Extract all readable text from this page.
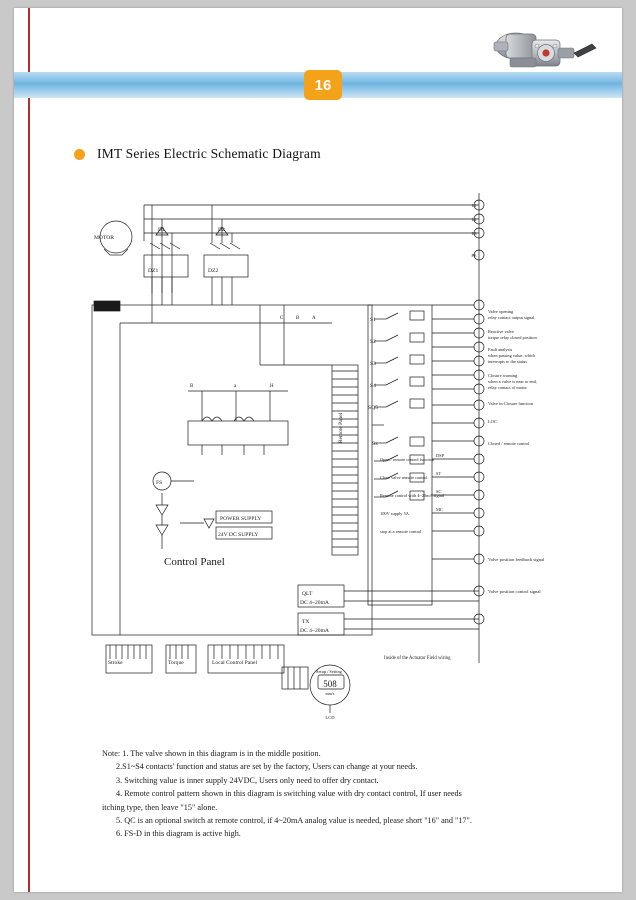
16
IMT Series Electric Schematic Diagram
MOTOR
DZ1	DZ2
D1	D2
FS
POWER SUPPLY
24V DC SUPPLY
QLT
DC 4~20mA
TX
DC 4~20mA
Stroke	Torque	Local Control Panel
Setup / Setting
508
mm/s
LCD
S1
S2
S3
S4
SQ5
Sx
Valve opening
relay contact output signal
Reactive valve
torque relay closed position
Fault analysis
when passing value, which
interrupts to the status
Closure warning
when a valve is near to end,
relay contact of motor
Valve in Closure function
LOC
Closed / remote control
Open / remote control function
Close valve remote control
Remote control with 4~20mA signal
100V supply 5A
stop at a remote control
DSP
ST
SC
MC
Valve position feedback signal
Valve position control signal
Inside of the Actuator Field wiring
Remote Panel
Control Panel
C	B	A
B	a	H
L1
L2
L3
PE

Note: 1. The valve shown in this diagram is in the middle position.

2.S1~S4 contacts' function and status are set by the factory, Users can change at your needs.

3. Switching value is inner supply 24VDC, Users only need to offer dry contact.

4. Remote control pattern shown in this diagram is switching value with dry contact control, If user needs

itching type, then leave "15" alone.

5. QC is an optional switch at remote control, if 4~20mA analog value is needed, please short "16" and "17".

6. FS-D in this diagram is active high.
